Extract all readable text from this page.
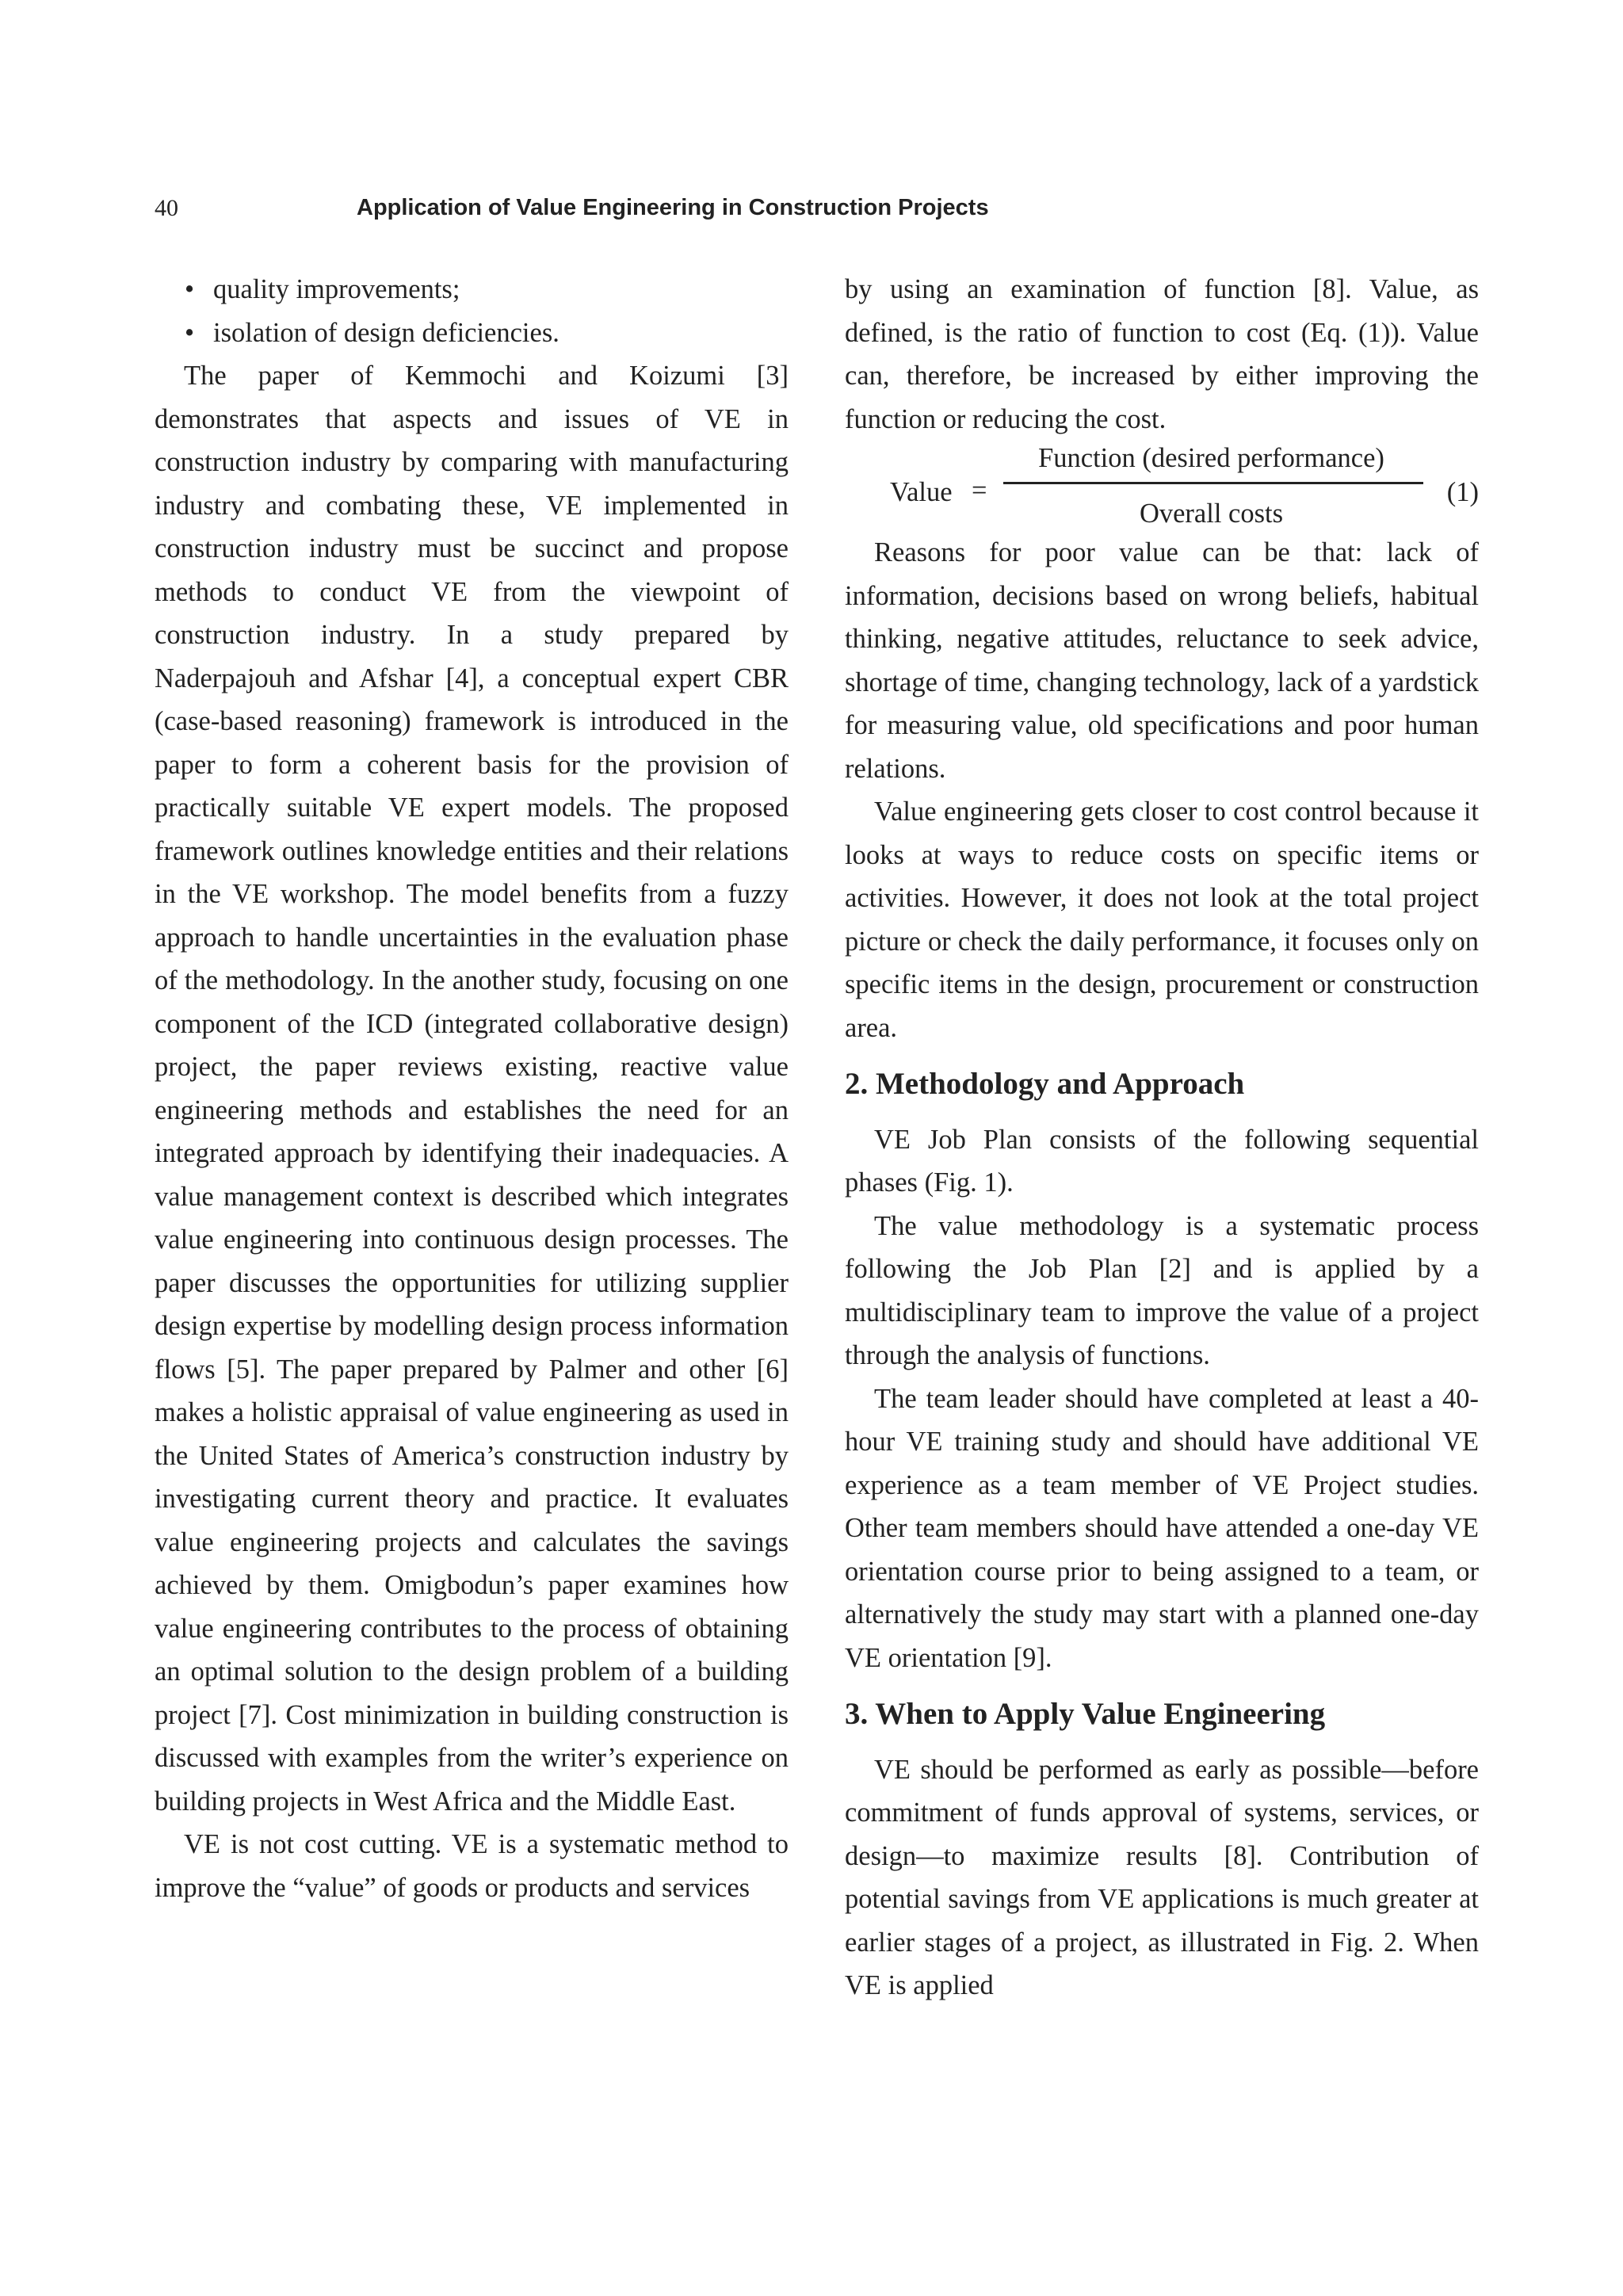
40	Application of Value Engineering in Construction Projects
• quality improvements;
• isolation of design deficiencies.

The paper of Kemmochi and Koizumi [3] demonstrates that aspects and issues of VE in construction industry by comparing with manufacturing industry and combating these, VE implemented in construction industry must be succinct and propose methods to conduct VE from the viewpoint of construction industry. In a study prepared by Naderpajouh and Afshar [4], a conceptual expert CBR (case-based reasoning) framework is introduced in the paper to form a coherent basis for the provision of practically suitable VE expert models. The proposed framework outlines knowledge entities and their relations in the VE workshop. The model benefits from a fuzzy approach to handle uncertainties in the evaluation phase of the methodology. In the another study, focusing on one component of the ICD (integrated collaborative design) project, the paper reviews existing, reactive value engineering methods and establishes the need for an integrated approach by identifying their inadequacies. A value management context is described which integrates value engineering into continuous design processes. The paper discusses the opportunities for utilizing supplier design expertise by modelling design process information flows [5]. The paper prepared by Palmer and other [6] makes a holistic appraisal of value engineering as used in the United States of America’s construction industry by investigating current theory and practice. It evaluates value engineering projects and calculates the savings achieved by them. Omigbodun’s paper examines how value engineering contributes to the process of obtaining an optimal solution to the design problem of a building project [7]. Cost minimization in building construction is discussed with examples from the writer’s experience on building projects in West Africa and the Middle East.

VE is not cost cutting. VE is a systematic method to improve the “value” of goods or products and services

by using an examination of function [8]. Value, as defined, is the ratio of function to cost (Eq. (1)). Value can, therefore, be increased by either improving the function or reducing the cost.

Value =
Function (desired performance)
Overall costs
(1)

Reasons for poor value can be that: lack of information, decisions based on wrong beliefs, habitual thinking, negative attitudes, reluctance to seek advice, shortage of time, changing technology, lack of a yardstick for measuring value, old specifications and poor human relations.

Value engineering gets closer to cost control because it looks at ways to reduce costs on specific items or activities. However, it does not look at the total project picture or check the daily performance, it focuses only on specific items in the design, procurement or construction area.

2. Methodology and Approach

VE Job Plan consists of the following sequential phases (Fig. 1).

The value methodology is a systematic process following the Job Plan [2] and is applied by a multidisciplinary team to improve the value of a project through the analysis of functions.

The team leader should have completed at least a 40-hour VE training study and should have additional VE experience as a team member of VE Project studies. Other team members should have attended a one-day VE orientation course prior to being assigned to a team, or alternatively the study may start with a planned one-day VE orientation [9].

3. When to Apply Value Engineering

VE should be performed as early as possible—before commitment of funds approval of systems, services, or design—to maximize results [8]. Contribution of potential savings from VE applications is much greater at earlier stages of a project, as illustrated in Fig. 2. When VE is applied
